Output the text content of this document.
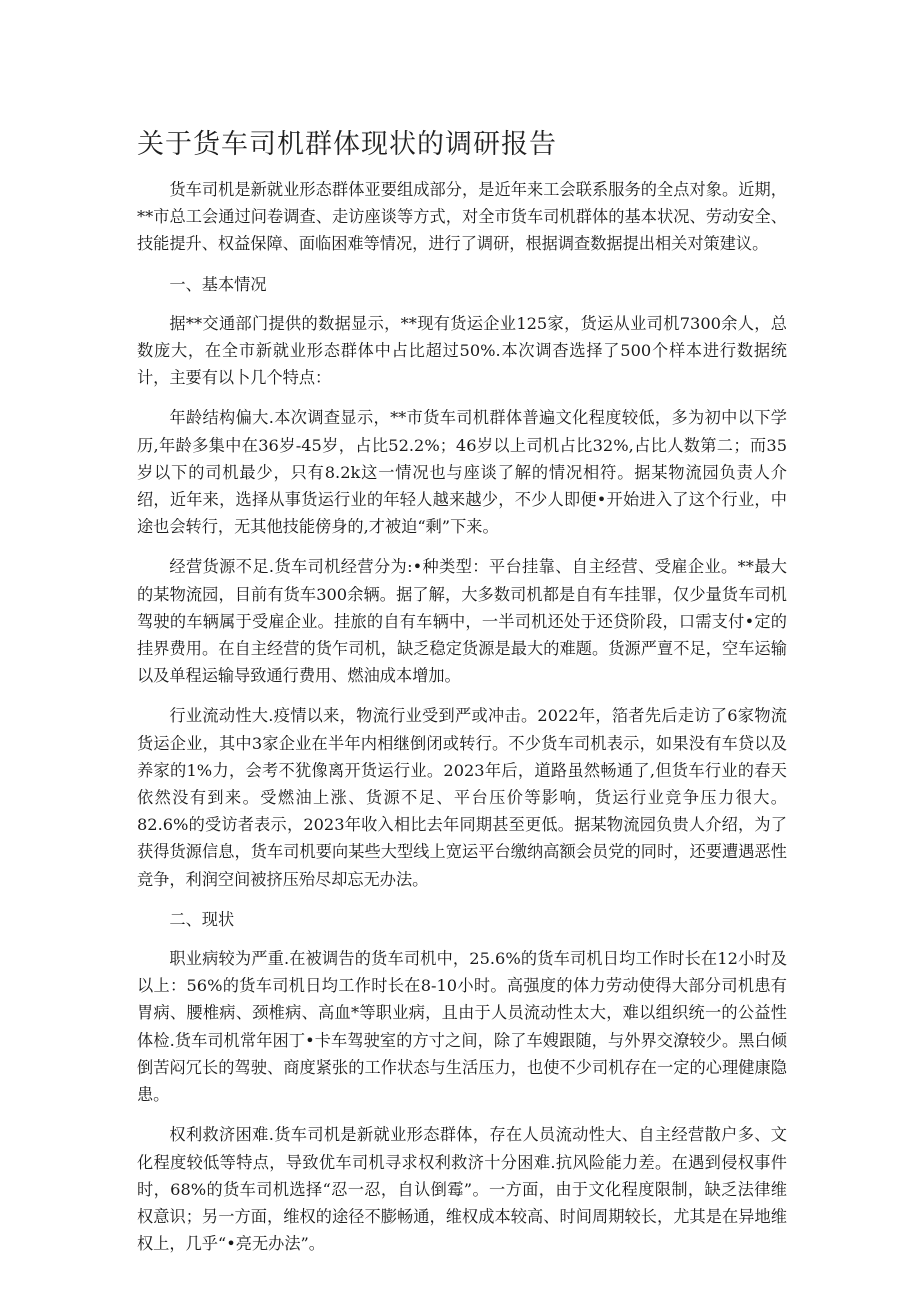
关于货车司机群体现状的调研报告

货车司机是新就业形态群体亚要组成部分，是近年来工会联系服务的全点对象。近期，**市总工会通过问卷调查、走访座谈等方式，对全市货车司机群体的基本状况、劳动安全、技能提升、权益保障、面临困难等情况，进行了调研，根据调查数据提出相关对策建议。

一、基本情况

据**交通部门提供的数据显示，**现有货运企业125家，货运从业司机7300余人，总数庞大，在全市新就业形态群体中占比超过50%.本次调杳选择了500个样本进行数据统计，主要有以卜几个特点：

年龄结构偏大.本次调查显示，**市货车司机群体普遍文化程度较低，多为初中以下学历,年龄多集中在36岁-45岁，占比52.2%；46岁以上司机占比32%,占比人数第二；而35岁以下的司机最少，只有8.2k这一情况也与座谈了解的情况相符。据某物流园负责人介绍，近年来，选择从事货运行业的年轻人越来越少，不少人即便•开始进入了这个行业，中途也会转行，无其他技能傍身的,才被迫“剩”下来。

经营货源不足.货车司机经营分为:•种类型：平台挂靠、自主经营、受雇企业。**最大的某物流园，目前有货车300余辆。据了解，大多数司机都是自有车挂罪，仅少量货车司机驾驶的车辆属于受雇企业。挂旅的自有车辆中，一半司机还处于还贷阶段，口需支付•定的挂界费用。在自主经营的货乍司机，缺乏稳定货源是最大的难题。货源严亶不足，空车运输以及单程运输导致通行费用、燃油成本增加。

行业流动性大.疫情以来，物流行业受到严或冲击。2022年，箔者先后走访了6家物流货运企业，其中3家企业在半年内相继倒闭或转行。不少货车司机表示，如果没有车贷以及养家的1%力，会考不犹像离开货运行业。2023年后，道路虽然畅通了,但货车行业的春天依然没有到来。受燃油上涨、货源不足、平台压价等影响，货运行业竞争压力很大。82.6%的受访者表示，2023年收入相比去年同期甚至更低。据某物流园负贵人介绍，为了获得货源信息，货车司机要向某些大型线上宽运平台缴纳高额会员党的同时，还要遭遇恶性竞争，利润空间被挤压殆尽却忘无办法。

二、现状

职业病较为严重.在被调告的货车司机中，25.6%的货车司机日均工作时长在12小时及以上：56%的货车司机日均工作时长在8-10小时。高强度的体力劳动使得大部分司机患有胃病、腰椎病、颈椎病、高血*等职业病，且由于人员流动性太大，难以组织统一的公益性体检.货车司机常年困丁•卡车驾驶室的方寸之间，除了车嫂跟随，与外界交潦较少。黑白倾倒苦闷冗长的驾驶、商度紧张的工作状态与生活压力，也使不少司机存在一定的心理健康隐患。

权利救济困难.货车司机是新就业形态群体，存在人员流动性大、自主经营散户多、文化程度较低等特点，导致优车司机寻求权利救济十分困难.抗风险能力差。在遇到侵权事件时，68%的货车司机选择“忍一忍，自认倒霉”。一方面，由于文化程度限制，缺乏法律维权意识；另一方面，维权的途径不膨畅通，维权成本较高、时间周期较长，尤其是在异地维权上，几乎“•亮无办法”。
